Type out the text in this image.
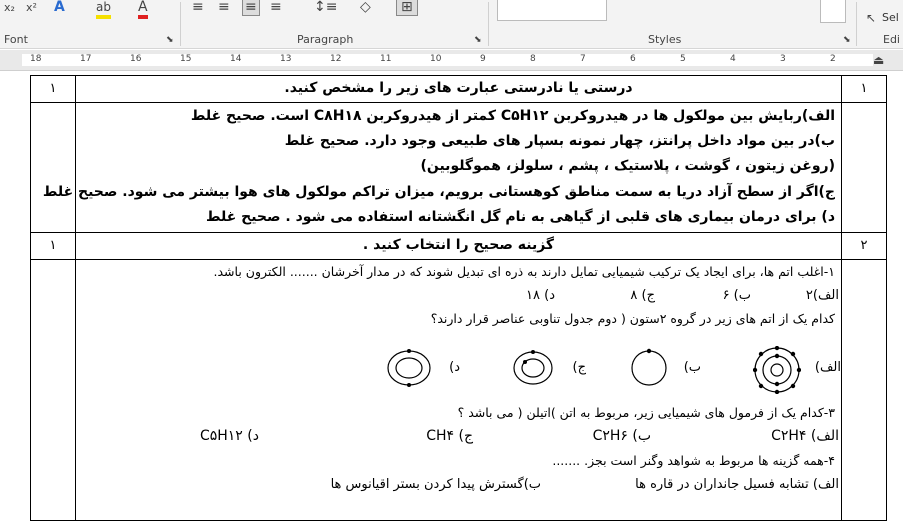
x₂ x² A	ab A
Font	⬊
≡ ≡ ≡ ≡ ↕≡ ◇	⊞
Paragraph	⬊	Styles	⬊
↖ Sel
Edi
18	17	16	15	14	13	12	11	10	9	8	7	6	5	4	3	2	⏏
۱	درستی یا نادرستی عبارت های زیر را مشخص کنید.	۱
الف)ربایش بین مولکول ها در هیدروکربن C۵H۱۲ کمتر از هیدروکربن C۸H۱۸ است. صحیح غلط
ب)در بین مواد داخل پرانتز، چهار نمونه بسپار های طبیعی وجود دارد. صحیح غلط
(روغن زیتون ، گوشت ، پلاستیک ، پشم ، سلولز، هموگلوبین)
ج)اگر از سطح آزاد دریا به سمت مناطق کوهستانی برویم، میزان تراکم مولکول های هوا بیشتر می شود. صحیح غلط
د) برای درمان بیماری های قلبی از گیاهی به نام گل انگشتانه استفاده می شود . صحیح غلط
۱	گزینه صحیح را انتخاب کنید .	۲
۱-اغلب اتم ها، برای ایجاد یک ترکیب شیمیایی تمایل دارند به ذره ای تبدیل شوند که در مدار آخرشان ....... الکترون باشد.
الف)۲
ب) ۶
ج) ۸
د) ۱۸
کدام یک از اتم های زیر در گروه ۲ستون ( دوم جدول تناوبی عناصر قرار دارند؟
الف)
ب)
ج)
د)
۳-کدام یک از فرمول های شیمیایی زیر، مربوط به اتن )اتیلن ( می باشد ؟
الف) C۲H۴
ب) C۲H۶
ج) CH۴
د) C۵H۱۲
۴-همه گزینه ها مربوط به شواهد وگنر است بجز. .......
الف) تشابه فسیل جانداران در قاره ها
ب)گسترش پیدا کردن بستر اقیانوس ها
